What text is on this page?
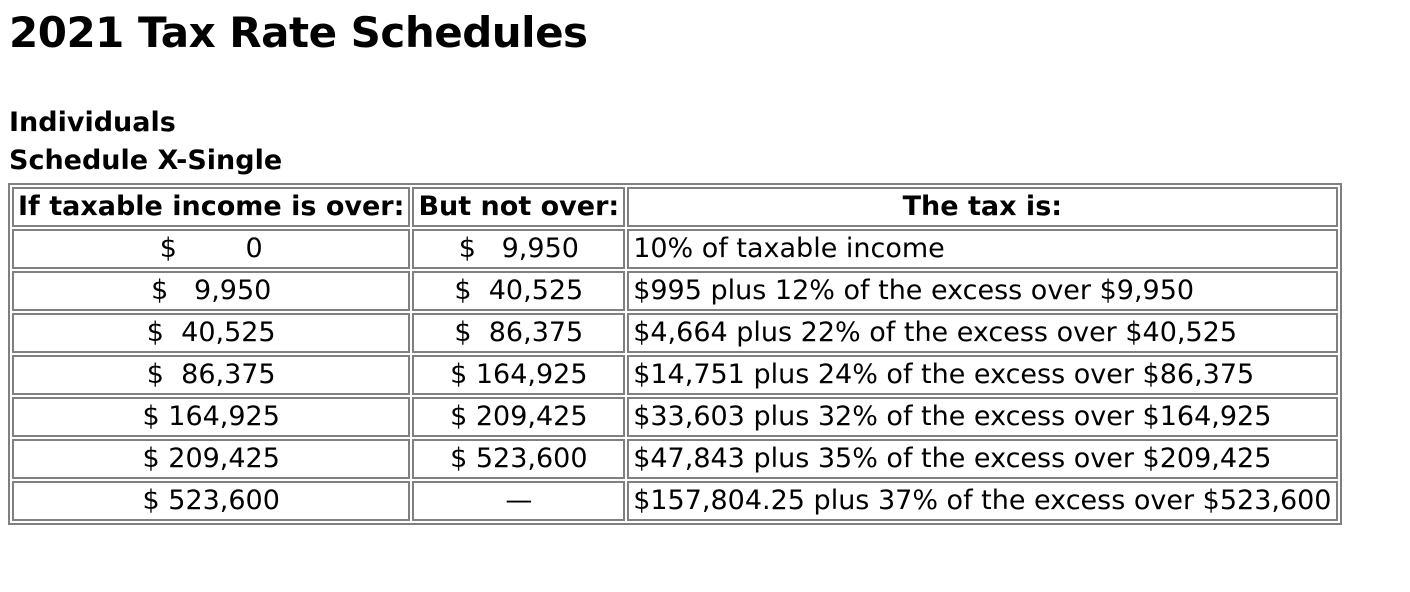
2021 Tax Rate Schedules
Individuals
Schedule X-Single
If taxable income is over:	But not over:	The tax is:
$        0	$   9,950	10% of taxable income
$   9,950	$  40,525	$995 plus 12% of the excess over $9,950
$  40,525	$  86,375	$4,664 plus 22% of the excess over $40,525
$  86,375	$ 164,925	$14,751 plus 24% of the excess over $86,375
$ 164,925	$ 209,425	$33,603 plus 32% of the excess over $164,925
$ 209,425	$ 523,600	$47,843 plus 35% of the excess over $209,425
$ 523,600	—	$157,804.25 plus 37% of the excess over $523,600
